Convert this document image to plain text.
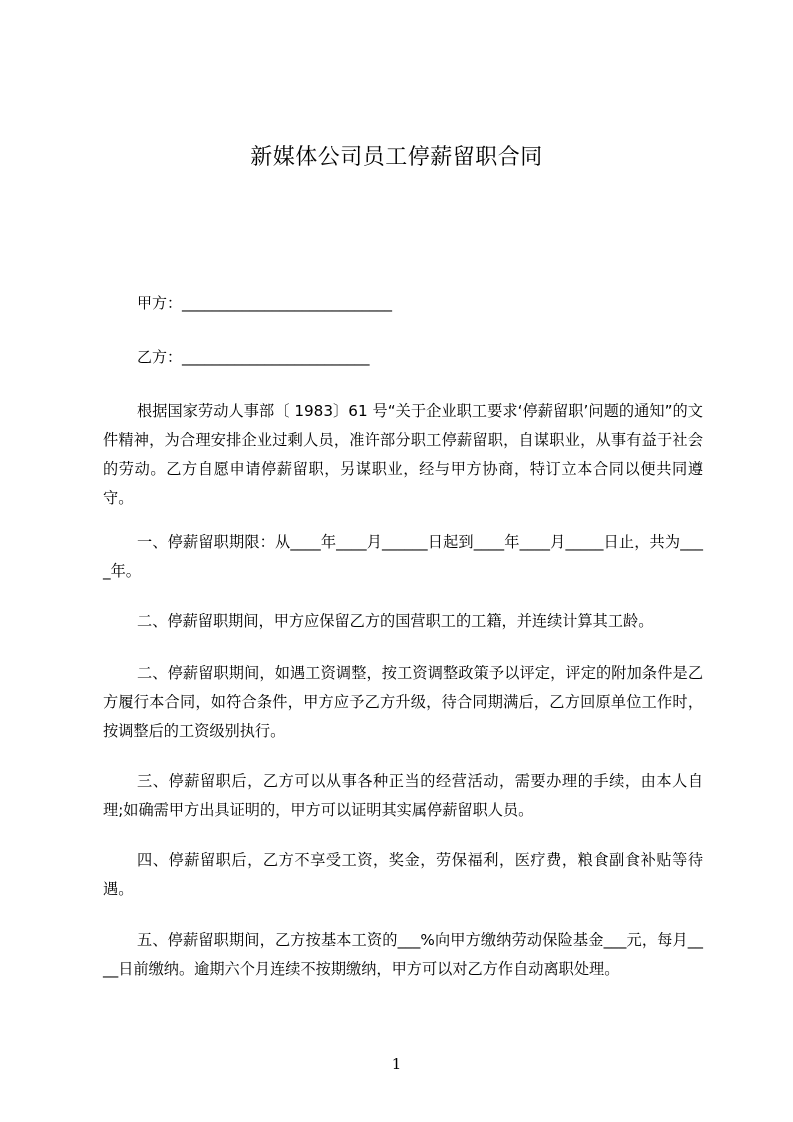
新媒体公司员工停薪留职合同
甲方：____________________________
乙方：_________________________
根据国家劳动人事部〔 1983〕61 号“关于企业职工要求‘停薪留职’问题的通知”的文件精神，为合理安排企业过剩人员，准许部分职工停薪留职，自谋职业，从事有益于社会的劳动。乙方自愿申请停薪留职，另谋职业，经与甲方协商，特订立本合同以便共同遵守。
一、停薪留职期限：从____年____月______日起到____年____月_____日止，共为____年。
二、停薪留职期间，甲方应保留乙方的国营职工的工籍，并连续计算其工龄。
二、停薪留职期间，如遇工资调整，按工资调整政策予以评定，评定的附加条件是乙方履行本合同，如符合条件，甲方应予乙方升级，待合同期满后，乙方回原单位工作时，按调整后的工资级别执行。
三、停薪留职后，乙方可以从事各种正当的经营活动，需要办理的手续，由本人自理;如确需甲方出具证明的，甲方可以证明其实属停薪留职人员。
四、停薪留职后，乙方不享受工资，奖金，劳保福利，医疗费，粮食副食补贴等待遇。
五、停薪留职期间，乙方按基本工资的___%向甲方缴纳劳动保险基金___元，每月____日前缴纳。逾期六个月连续不按期缴纳，甲方可以对乙方作自动离职处理。
1
